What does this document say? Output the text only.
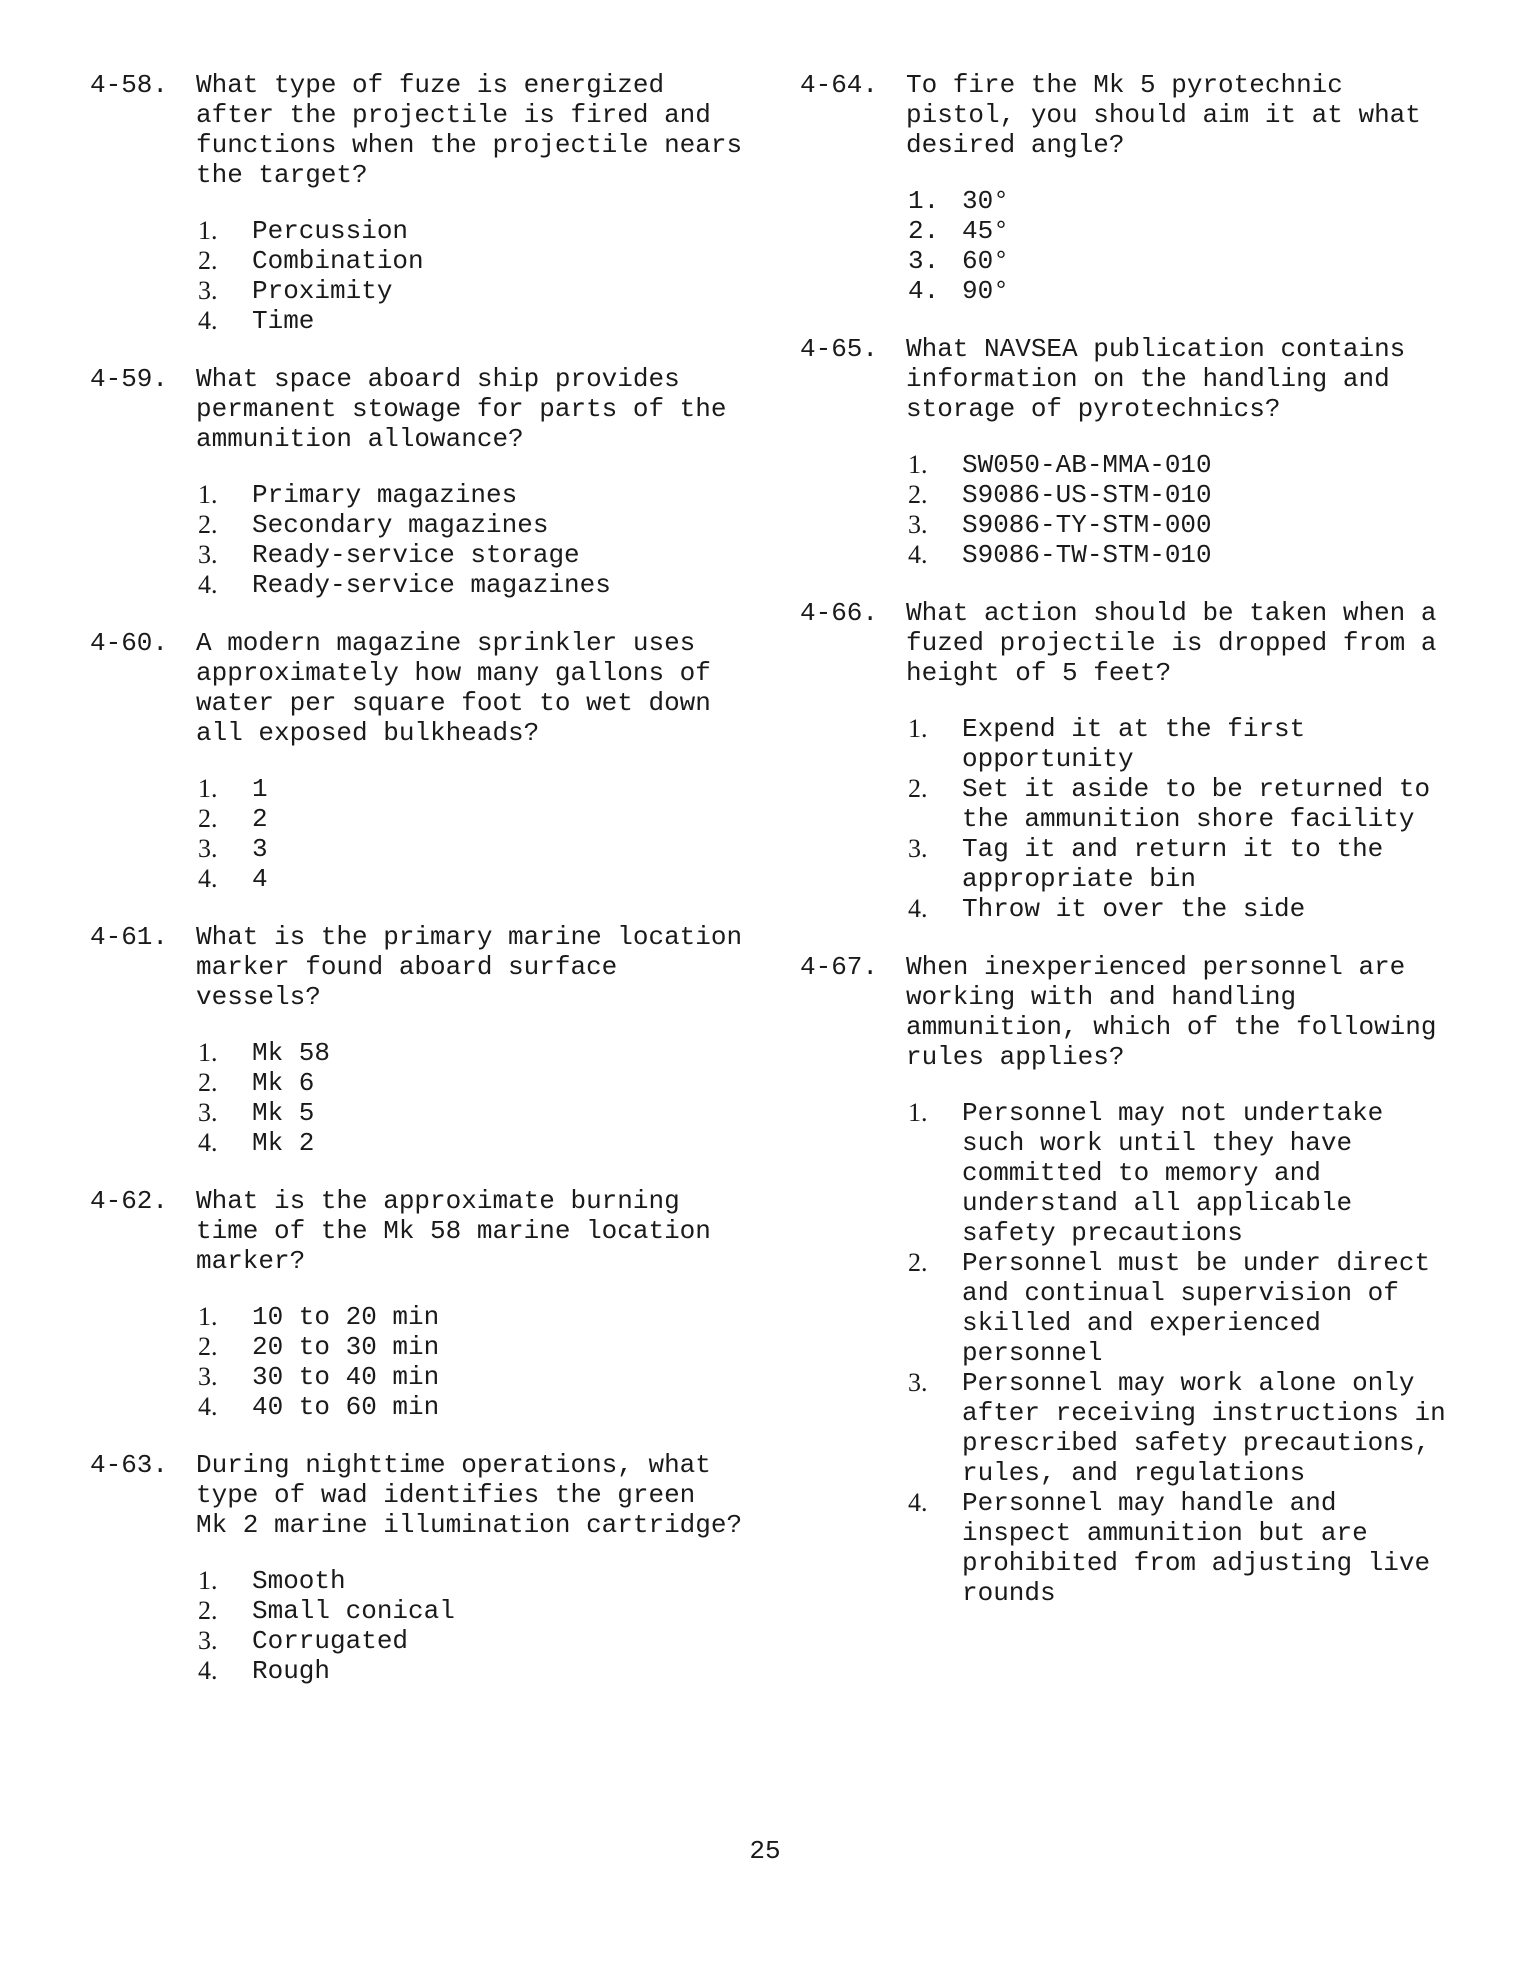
4-58. What type of fuze is energized
after the projectile is fired and
functions when the projectile nears
the target?
1. Percussion
2. Combination
3. Proximity
4. Time
4-59. What space aboard ship provides
permanent stowage for parts of the
ammunition allowance?
1. Primary magazines
2. Secondary magazines
3. Ready-service storage
4. Ready-service magazines
4-60. A modern magazine sprinkler uses
approximately how many gallons of
water per square foot to wet down
all exposed bulkheads?
1. 1
2. 2
3. 3
4. 4
4-61. What is the primary marine location
marker found aboard surface
vessels?
1. Mk 58
2. Mk 6
3. Mk 5
4. Mk 2
4-62. What is the approximate burning
time of the Mk 58 marine location
marker?
1. 10 to 20 min
2. 20 to 30 min
3. 30 to 40 min
4. 40 to 60 min
4-63. During nighttime operations, what
type of wad identifies the green
Mk 2 marine illumination cartridge?
1. Smooth
2. Small conical
3. Corrugated
4. Rough
4-64. To fire the Mk 5 pyrotechnic
pistol, you should aim it at what
desired angle?
1. 30°
2. 45°
3. 60°
4. 90°
4-65. What NAVSEA publication contains
information on the handling and
storage of pyrotechnics?
1. SW050-AB-MMA-010
2. S9086-US-STM-010
3. S9086-TY-STM-000
4. S9086-TW-STM-010
4-66. What action should be taken when a
fuzed projectile is dropped from a
height of 5 feet?
1. Expend it at the first
opportunity
2. Set it aside to be returned to
the ammunition shore facility
3. Tag it and return it to the
appropriate bin
4. Throw it over the side
4-67. When inexperienced personnel are
working with and handling
ammunition, which of the following
rules applies?
1. Personnel may not undertake
such work until they have
committed to memory and
understand all applicable
safety precautions
2. Personnel must be under direct
and continual supervision of
skilled and experienced
personnel
3. Personnel may work alone only
after receiving instructions in
prescribed safety precautions,
rules, and regulations
4. Personnel may handle and
inspect ammunition but are
prohibited from adjusting live
rounds
25
